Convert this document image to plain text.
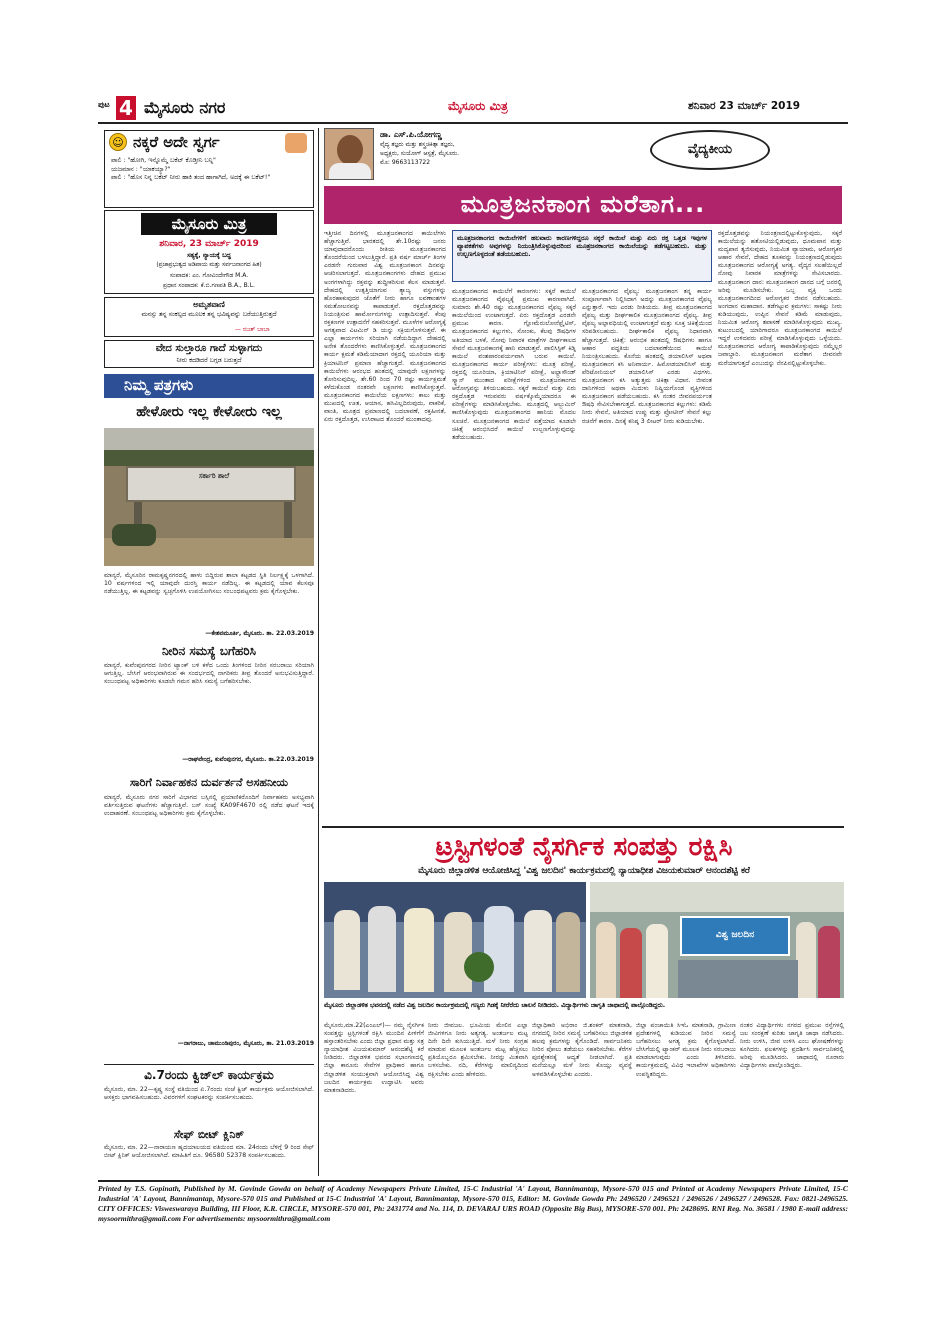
ಪುಟ 4 ಮೈಸೂರು ನಗರ	ಮೈಸೂರು ಮಿತ್ರ	ಶನಿವಾರ 23 ಮಾರ್ಚ್ 2019
☺ ನಕ್ಕರೆ ಅದೇ ಸ್ವರ್ಗ
ಪಾಲಿ : "ಹೋಗಿ, ಇನ್ನೊಮ್ಮೆ ಬಕೆಟ್ ಕೊಡ್ತೀನಿ ಬನ್ನಿ"
ಯಜಮಾನ : "ಯಾಕಯ್ಯಾ?"
ಪಾಲಿ : "ಹೊಸ ನಿನ್ನ ಬಕೆಟ್ ನೀರು ಹಾಕಿ ತಂದ ಹಾಗಾಗಿದೆ, ಅದಕ್ಕೆ ಈ ಬಕೆಟ್!"
ಮೈಸೂರು ಮಿತ್ರ
ಶನಿವಾರ, 23 ಮಾರ್ಚ್ 2019
ಸತ್ಯಕ್ಕೆ, ನ್ಯಾಯಕ್ಕೆ ಬದ್ಧ
(ಪ್ರಜಾಪ್ರಭುತ್ವದ ಅಡಿಪಾಯ ಮತ್ತು ಸರ್ವಜನಾಂಗದ ಹಿತ)
ಸಂಪಾದಕ: ಎಂ. ಗೋವಿಂದೇಗೌಡ M.A.
ಪ್ರಧಾನ ಸಂಪಾದಕ: ಕೆ.ಬಿ.ಗಣಪತಿ B.A., B.L.
ಅಮೃತವಾಣಿ
ಮನಸ್ಸು ತನ್ನ ಸಂಕಲ್ಪದ ಮೂಲಕ ತನ್ನ ಭವಿಷ್ಯವನ್ನು ಬರೆಯುತ್ತಿರುತ್ತದೆ
— ರಜತ್ ಬಾಬಾ
ವೇದ ಸುಲ್ತಾರೂ ಗಾದೆ ಸುಳ್ಳಾಗದು
ನೀರು ಕದಡಿದರೆ ಬಗ್ಗಡ ಬರುತ್ತದೆ
ನಿಮ್ಮ ಪತ್ರಗಳು
ಹೇಳೋರು ಇಲ್ಲ ಕೇಳೋರು ಇಲ್ಲ
ಸರ್ಕಾರಿ ಶಾಲೆ
ಮಾನ್ಯರೆ, ಮೈಸೂರಿನ ರಾಮಕೃಷ್ಣನಗರದಲ್ಲಿ ಹಾಳು ಬಿದ್ದಿರುವ ಶಾಲಾ ಕಟ್ಟಡದ ಸ್ಥಿತಿ ನಿರ್ಲಕ್ಷ್ಯಕ್ಕೆ ಒಳಗಾಗಿದೆ. 10 ವರ್ಷಗಳಿಂದ ಇಲ್ಲಿ ಯಾವುದೇ ದುರಸ್ತಿ ಕಾರ್ಯ ನಡೆದಿಲ್ಲ. ಈ ಕಟ್ಟಡದಲ್ಲಿ ಯಾವ ಕೆಲಸವೂ ನಡೆಯುತ್ತಿಲ್ಲ. ಈ ಕಟ್ಟಡವನ್ನು ಸ್ವಚ್ಛಗೊಳಿಸಿ ಉಪಯೋಗಿಸಲು ಸಂಬಂಧಪಟ್ಟವರು ಕ್ರಮ ಕೈಗೊಳ್ಳಬೇಕು.
—ಕೇಶವಮೂರ್ತಿ, ಮೈಸೂರು. ತಾ. 22.03.2019
ನೀರಿನ ಸಮಸ್ಯೆ ಬಗೆಹರಿಸಿ
ಮಾನ್ಯರೆ, ಕುವೆಂಪುನಗರದ ನೀರಿನ ಟ್ಯಾಂಕ್ ಬಳಿ ಕಳೆದ ಒಂದು ತಿಂಗಳಿಂದ ನೀರಿನ ಸರಬರಾಜು ಸರಿಯಾಗಿ ಆಗುತ್ತಿಲ್ಲ. ಬೇಸಿಗೆ ಆರಂಭವಾಗಿರುವ ಈ ಸಂದರ್ಭದಲ್ಲಿ ನಾಗರಿಕರು ತೀವ್ರ ತೊಂದರೆ ಅನುಭವಿಸುತ್ತಿದ್ದಾರೆ. ಸಂಬಂಧಪಟ್ಟ ಅಧಿಕಾರಿಗಳು ಕೂಡಲೇ ಗಮನ ಹರಿಸಿ ಸಮಸ್ಯೆ ಬಗೆಹರಿಸಬೇಕು.
—ರಾಘವೇಂದ್ರ, ಕುವೆಂಪುನಗರ, ಮೈಸೂರು. ತಾ.22.03.2019
ಸಾರಿಗೆ ನಿರ್ವಾಹಕನ ದುರ್ವರ್ತನೆ ಅಸಹನೀಯ
ಮಾನ್ಯರೆ, ಮೈಸೂರು ನಗರ ಸಾರಿಗೆ ವಿಭಾಗದ ಬಸ್ಸಿನಲ್ಲಿ ಪ್ರಯಾಣಿಕರೊಂದಿಗೆ ನಿರ್ವಾಹಕರು ಅಸಭ್ಯವಾಗಿ ವರ್ತಿಸುತ್ತಿರುವ ಘಟನೆಗಳು ಹೆಚ್ಚಾಗುತ್ತಿವೆ. ಬಸ್ ಸಂಖ್ಯೆ KA09F4670 ರಲ್ಲಿ ನಡೆದ ಘಟನೆ ಇದಕ್ಕೆ ಉದಾಹರಣೆ. ಸಂಬಂಧಪಟ್ಟ ಅಧಿಕಾರಿಗಳು ಕ್ರಮ ಕೈಗೊಳ್ಳಬೇಕು.
—ನಾಗರಾಜು, ಚಾಮುಂಡಿಪುರಂ, ಮೈಸೂರು, ತಾ. 21.03.2019
ವಿ.7ರಂದು ಕ್ವಿಜ್‌ಲ್ ಕಾರ್ಯಕ್ರಮ
ಮೈಸೂರು, ಮಾ. 22—ಕೃಷ್ಣ ಸಂಸ್ಥೆ ವತಿಯಿಂದ ಏ.7ರಂದು ಸಂಜೆ ಕ್ವಿಜ್ ಕಾರ್ಯಕ್ರಮ ಆಯೋಜಿಸಲಾಗಿದೆ. ಆಸಕ್ತರು ಭಾಗವಹಿಸಬಹುದು. ವಿವರಗಳಿಗೆ ಸಂಘಟಕರನ್ನು ಸಂಪರ್ಕಿಸಬಹುದು.
ಸೇಫ್ ಬೀಟ್ ಕ್ಲಿನಿಕ್
ಮೈಸೂರು, ಮಾ. 22—ನಾರಾಯಣ ಹೃದಯಾಲಯದ ವತಿಯಿಂದ ಮಾ. 24ರಂದು ಬೆಳಿಗ್ಗೆ 9 ರಿಂದ ಸೇಫ್ ಬೀಟ್ ಕ್ಲಿನಿಕ್ ಆಯೋಜಿಸಲಾಗಿದೆ. ಮಾಹಿತಿಗೆ ದೂ. 96580 52378 ಸಂಪರ್ಕಿಸಬಹುದು.
ಡಾ. ಎಸ್.ಪಿ.ಯೋಗಣ್ಣ
ವೈದ್ಯ ತಜ್ಞರು ಮತ್ತು ಶಸ್ತ್ರಚಿಕಿತ್ಸಾ ತಜ್ಞರು,
ಅಧ್ಯಕ್ಷರು, ಸುಯೋಗ್ ಆಸ್ಪತ್ರೆ, ಮೈಸೂರು.
ಮೊ: 9663113722
ವೈದ್ಯಕೀಯ
ಮೂತ್ರಜನಕಾಂಗ ಮರೆತಾಗ...
ಇತ್ತೀಚಿನ ದಿನಗಳಲ್ಲಿ ಮೂತ್ರಜನಕಾಂಗದ ಕಾಯಿಲೆಗಳು ಹೆಚ್ಚಾಗುತ್ತಿವೆ. ಭಾರತದಲ್ಲಿ ಶೇ.10ರಷ್ಟು ಜನರು ಯಾವುದಾದರೊಂದು ರೀತಿಯ ಮೂತ್ರಜನಕಾಂಗದ ತೊಂದರೆಯಿಂದ ಬಳಲುತ್ತಿದ್ದಾರೆ. ಪ್ರತಿ ವರ್ಷ ಮಾರ್ಚ್ ತಿಂಗಳ ಎರಡನೇ ಗುರುವಾರ ವಿಶ್ವ ಮೂತ್ರಜನಕಾಂಗ ದಿನವನ್ನು ಆಚರಿಸಲಾಗುತ್ತದೆ. ಮೂತ್ರಜನಕಾಂಗಗಳು ದೇಹದ ಪ್ರಮುಖ ಅಂಗಗಳಾಗಿದ್ದು ರಕ್ತವನ್ನು ಶುದ್ಧೀಕರಿಸುವ ಕೆಲಸ ಮಾಡುತ್ತವೆ. ದೇಹದಲ್ಲಿ ಉತ್ಪತ್ತಿಯಾಗುವ ತ್ಯಾಜ್ಯ ವಸ್ತುಗಳನ್ನು ಹೊರಹಾಕುವುದರ ಜೊತೆಗೆ ನೀರು ಹಾಗೂ ಲವಣಾಂಶಗಳ ಸಮತೋಲನವನ್ನು ಕಾಪಾಡುತ್ತವೆ. ರಕ್ತದೊತ್ತಡವನ್ನು ನಿಯಂತ್ರಿಸುವ ಹಾರ್ಮೋನುಗಳನ್ನು ಉತ್ಪಾದಿಸುತ್ತವೆ. ಕೆಂಪು ರಕ್ತಕಣಗಳ ಉತ್ಪಾದನೆಗೆ ಸಹಕರಿಸುತ್ತವೆ. ಮೂಳೆಗಳ ಆರೋಗ್ಯಕ್ಕೆ ಅಗತ್ಯವಾದ ವಿಟಮಿನ್ ಡಿ ಯನ್ನು ಸಕ್ರಿಯಗೊಳಿಸುತ್ತವೆ. ಈ ಎಲ್ಲಾ ಕಾರ್ಯಗಳು ಸರಿಯಾಗಿ ನಡೆಯದಿದ್ದಾಗ ದೇಹದಲ್ಲಿ ಅನೇಕ ತೊಂದರೆಗಳು ಕಾಣಿಸಿಕೊಳ್ಳುತ್ತವೆ. ಮೂತ್ರಜನಕಾಂಗದ ಕಾರ್ಯ ಕ್ಷಮತೆ ಕಡಿಮೆಯಾದಾಗ ರಕ್ತದಲ್ಲಿ ಯೂರಿಯಾ ಮತ್ತು ಕ್ರಿಯಾಟಿನಿನ್ ಪ್ರಮಾಣ ಹೆಚ್ಚಾಗುತ್ತದೆ. ಮೂತ್ರಜನಕಾಂಗದ ಕಾಯಿಲೆಗಳು ಆರಂಭದ ಹಂತದಲ್ಲಿ ಯಾವುದೇ ಲಕ್ಷಣಗಳನ್ನು ತೋರಿಸುವುದಿಲ್ಲ. ಶೇ.60 ರಿಂದ 70 ರಷ್ಟು ಕಾರ್ಯಕ್ಷಮತೆ ಕಳೆದುಕೊಂಡ ನಂತರವೇ ಲಕ್ಷಣಗಳು ಕಾಣಿಸಿಕೊಳ್ಳುತ್ತವೆ. ಮೂತ್ರಜನಕಾಂಗದ ಕಾಯಿಲೆಯ ಲಕ್ಷಣಗಳು: ಕಾಲು ಮತ್ತು ಮುಖದಲ್ಲಿ ಊತ, ಆಯಾಸ, ಹಸಿವಿಲ್ಲದಿರುವುದು, ವಾಕರಿಕೆ, ವಾಂತಿ, ಮೂತ್ರದ ಪ್ರಮಾಣದಲ್ಲಿ ಬದಲಾವಣೆ, ರಕ್ತಹೀನತೆ, ಏರು ರಕ್ತದೊತ್ತಡ, ಉಸಿರಾಟದ ತೊಂದರೆ ಮುಂತಾದವು.
ಮೂತ್ರಜನಕಾಂಗದ ಕಾಯಿಲೆಗಳಿಗೆ ಹಲವಾರು ಕಾರಣಗಳಿದ್ದರೂ ಸಕ್ಕರೆ ಕಾಯಿಲೆ ಮತ್ತು ಏರು ರಕ್ತ ಒತ್ತಡ ಇವುಗಳ ವ್ಯಾಪಕತೆಗಳು ಅವುಗಳನ್ನು ನಿಯಂತ್ರಿಸಿಕೊಳ್ಳುವುದರಿಂದ ಮೂತ್ರಜನಕಾಂಗದ ಕಾಯಿಲೆಯನ್ನು ತಡೆಗಟ್ಟಬಹುದು. ಮತ್ತು ಉಲ್ಬಣಗೊಳ್ಳದಂತೆ ತಡೆಯಬಹುದು.
ಮೂತ್ರಜನಕಾಂಗದ ಕಾಯಿಲೆಗೆ ಕಾರಣಗಳು: ಸಕ್ಕರೆ ಕಾಯಿಲೆ ಮೂತ್ರಜನಕಾಂಗದ ವೈಫಲ್ಯಕ್ಕೆ ಪ್ರಮುಖ ಕಾರಣವಾಗಿದೆ. ಸುಮಾರು ಶೇ.40 ರಷ್ಟು ಮೂತ್ರಜನಕಾಂಗದ ವೈಫಲ್ಯ ಸಕ್ಕರೆ ಕಾಯಿಲೆಯಿಂದ ಉಂಟಾಗುತ್ತದೆ. ಏರು ರಕ್ತದೊತ್ತಡ ಎರಡನೇ ಪ್ರಮುಖ ಕಾರಣ. ಗ್ಲೋಮೆರುಲೋನೆಫ್ರೈಟಿಸ್, ಮೂತ್ರಜನಕಾಂಗದ ಕಲ್ಲುಗಳು, ಸೋಂಕು, ಕೆಲವು ಔಷಧಿಗಳ ಅತಿಯಾದ ಬಳಕೆ, ನೋವು ನಿವಾರಕ ಮಾತ್ರೆಗಳ ದೀರ್ಘಕಾಲದ ಸೇವನೆ ಮೂತ್ರಜನಕಾಂಗಕ್ಕೆ ಹಾನಿ ಮಾಡುತ್ತವೆ. ಪಾಲಿಸಿಸ್ಟಿಕ್ ಕಿಡ್ನಿ ಕಾಯಿಲೆ ವಂಶಪಾರಂಪರ್ಯವಾಗಿ ಬರುವ ಕಾಯಿಲೆ. ಮೂತ್ರಜನಕಾಂಗದ ಕಾರ್ಯ ಪರೀಕ್ಷೆಗಳು: ಮೂತ್ರ ಪರೀಕ್ಷೆ, ರಕ್ತದಲ್ಲಿ ಯೂರಿಯಾ, ಕ್ರಿಯಾಟಿನಿನ್ ಪರೀಕ್ಷೆ, ಅಲ್ಟ್ರಾಸೌಂಡ್ ಸ್ಕ್ಯಾನ್ ಮುಂತಾದ ಪರೀಕ್ಷೆಗಳಿಂದ ಮೂತ್ರಜನಕಾಂಗದ ಆರೋಗ್ಯವನ್ನು ತಿಳಿಯಬಹುದು. ಸಕ್ಕರೆ ಕಾಯಿಲೆ ಮತ್ತು ಏರು ರಕ್ತದೊತ್ತಡ ಇರುವವರು ವರ್ಷಕ್ಕೊಮ್ಮೆಯಾದರೂ ಈ ಪರೀಕ್ಷೆಗಳನ್ನು ಮಾಡಿಸಿಕೊಳ್ಳಬೇಕು. ಮೂತ್ರದಲ್ಲಿ ಆಲ್ಬುಮಿನ್ ಕಾಣಿಸಿಕೊಳ್ಳುವುದು ಮೂತ್ರಜನಕಾಂಗದ ಹಾನಿಯ ಮೊದಲ ಸೂಚನೆ. ಮೂತ್ರಜನಕಾಂಗದ ಕಾಯಿಲೆ ಪತ್ತೆಯಾದ ಕೂಡಲೇ ಚಿಕಿತ್ಸೆ ಆರಂಭಿಸಿದರೆ ಕಾಯಿಲೆ ಉಲ್ಬಣಗೊಳ್ಳುವುದನ್ನು ತಡೆಯಬಹುದು.
ಮೂತ್ರಜನಕಾಂಗದ ವೈಫಲ್ಯ: ಮೂತ್ರಜನಕಾಂಗ ತನ್ನ ಕಾರ್ಯ ಸಂಪೂರ್ಣವಾಗಿ ನಿಲ್ಲಿಸಿದಾಗ ಅದನ್ನು ಮೂತ್ರಜನಕಾಂಗದ ವೈಫಲ್ಯ ಎನ್ನುತ್ತಾರೆ. ಇದು ಎರಡು ರೀತಿಯದು. ತೀವ್ರ ಮೂತ್ರಜನಕಾಂಗದ ವೈಫಲ್ಯ ಮತ್ತು ದೀರ್ಘಕಾಲಿಕ ಮೂತ್ರಜನಕಾಂಗದ ವೈಫಲ್ಯ. ತೀವ್ರ ವೈಫಲ್ಯ ಅಲ್ಪಾವಧಿಯಲ್ಲಿ ಉಂಟಾಗುತ್ತದೆ ಮತ್ತು ಸೂಕ್ತ ಚಿಕಿತ್ಸೆಯಿಂದ ಸರಿಪಡಿಸಬಹುದು. ದೀರ್ಘಕಾಲಿಕ ವೈಫಲ್ಯ ನಿಧಾನವಾಗಿ ಹೆಚ್ಚಾಗುತ್ತದೆ. ಚಿಕಿತ್ಸೆ: ಆರಂಭಿಕ ಹಂತದಲ್ಲಿ ಔಷಧಿಗಳು ಹಾಗೂ ಆಹಾರ ಪದ್ಧತಿಯ ಬದಲಾವಣೆಯಿಂದ ಕಾಯಿಲೆ ನಿಯಂತ್ರಿಸಬಹುದು. ಕೊನೆಯ ಹಂತದಲ್ಲಿ ಡಯಾಲಿಸಿಸ್ ಅಥವಾ ಮೂತ್ರಜನಕಾಂಗ ಕಸಿ ಅನಿವಾರ್ಯ. ಹಿಮೋಡಯಾಲಿಸಿಸ್ ಮತ್ತು ಪೆರಿಟೋನಿಯಲ್ ಡಯಾಲಿಸಿಸ್ ಎರಡು ವಿಧಗಳು. ಮೂತ್ರಜನಕಾಂಗ ಕಸಿ ಅತ್ಯುತ್ತಮ ಚಿಕಿತ್ಸಾ ವಿಧಾನ. ಜೀವಂತ ದಾನಿಗಳಿಂದ ಅಥವಾ ಮಿದುಳು ನಿಷ್ಕ್ರಿಯಗೊಂಡ ವ್ಯಕ್ತಿಗಳಿಂದ ಮೂತ್ರಜನಕಾಂಗ ಪಡೆಯಬಹುದು. ಕಸಿ ನಂತರ ಜೀವನಪರ್ಯಂತ ಔಷಧಿ ಸೇವಿಸಬೇಕಾಗುತ್ತದೆ. ಮೂತ್ರಜನಕಾಂಗದ ಕಲ್ಲುಗಳು: ಕಡಿಮೆ ನೀರು ಸೇವನೆ, ಅತಿಯಾದ ಉಪ್ಪು ಮತ್ತು ಪ್ರೋಟೀನ್ ಸೇವನೆ ಕಲ್ಲು ರಚನೆಗೆ ಕಾರಣ. ದಿನಕ್ಕೆ ಕನಿಷ್ಠ 3 ಲೀಟರ್ ನೀರು ಕುಡಿಯಬೇಕು.
ರಕ್ತದೊತ್ತಡವನ್ನು ನಿಯಂತ್ರಣದಲ್ಲಿಟ್ಟುಕೊಳ್ಳುವುದು, ಸಕ್ಕರೆ ಕಾಯಿಲೆಯನ್ನು ಹತೋಟಿಯಲ್ಲಿಡುವುದು, ಧೂಮಪಾನ ಮತ್ತು ಮದ್ಯಪಾನ ತ್ಯಜಿಸುವುದು, ನಿಯಮಿತ ವ್ಯಾಯಾಮ, ಆರೋಗ್ಯಕರ ಆಹಾರ ಸೇವನೆ, ದೇಹದ ತೂಕವನ್ನು ನಿಯಂತ್ರಣದಲ್ಲಿಡುವುದು ಮೂತ್ರಜನಕಾಂಗದ ಆರೋಗ್ಯಕ್ಕೆ ಅಗತ್ಯ. ವೈದ್ಯರ ಸಲಹೆಯಿಲ್ಲದೆ ನೋವು ನಿವಾರಕ ಮಾತ್ರೆಗಳನ್ನು ಸೇವಿಸಬಾರದು. ಮೂತ್ರಜನಕಾಂಗ ದಾನ: ಮೂತ್ರಜನಕಾಂಗ ದಾನದ ಬಗ್ಗೆ ಜನರಲ್ಲಿ ಅರಿವು ಮೂಡಿಸಬೇಕು. ಒಬ್ಬ ವ್ಯಕ್ತಿ ಒಂದು ಮೂತ್ರಜನಕಾಂಗದಿಂದ ಆರೋಗ್ಯಕರ ಜೀವನ ನಡೆಸಬಹುದು. ಅಂಗದಾನ ಮಹಾದಾನ. ತಡೆಗಟ್ಟುವ ಕ್ರಮಗಳು: ಸಾಕಷ್ಟು ನೀರು ಕುಡಿಯುವುದು, ಉಪ್ಪಿನ ಸೇವನೆ ಕಡಿಮೆ ಮಾಡುವುದು, ನಿಯಮಿತ ಆರೋಗ್ಯ ತಪಾಸಣೆ ಮಾಡಿಸಿಕೊಳ್ಳುವುದು ಮುಖ್ಯ. ಕುಟುಂಬದಲ್ಲಿ ಯಾರಿಗಾದರೂ ಮೂತ್ರಜನಕಾಂಗದ ಕಾಯಿಲೆ ಇದ್ದರೆ ಉಳಿದವರು ಪರೀಕ್ಷೆ ಮಾಡಿಸಿಕೊಳ್ಳುವುದು ಒಳ್ಳೆಯದು. ಮೂತ್ರಜನಕಾಂಗದ ಆರೋಗ್ಯ ಕಾಪಾಡಿಕೊಳ್ಳುವುದು ನಮ್ಮೆಲ್ಲರ ಜವಾಬ್ದಾರಿ. ಮೂತ್ರಜನಕಾಂಗ ಮರೆತಾಗ ಜೀವನವೇ ಮರೆಯಾಗುತ್ತದೆ ಎಂಬುದನ್ನು ನೆನಪಿನಲ್ಲಿಟ್ಟುಕೊಳ್ಳಬೇಕು.
ಟ್ರಸ್ಟಿಗಳಂತೆ ನೈಸರ್ಗಿಕ ಸಂಪತ್ತು ರಕ್ಷಿಸಿ
ಮೈಸೂರು ಜಿಲ್ಲಾಡಳಿತ ಆಯೋಜಿಸಿದ್ದ 'ವಿಶ್ವ ಜಲದಿನ' ಕಾರ್ಯಕ್ರಮದಲ್ಲಿ ನ್ಯಾಯಾಧೀಶ ವಿಜಯಕುಮಾರ್ ಆನಂದಶೆಟ್ಟಿ ಕರೆ
ವಿಶ್ವ ಜಲದಿನ
ಮೈಸೂರು ಜಿಲ್ಲಾಡಳಿತ ಭವನದಲ್ಲಿ ನಡೆದ ವಿಶ್ವ ಜಲದಿನ ಕಾರ್ಯಕ್ರಮದಲ್ಲಿ ಗಣ್ಯರು ಗಿಡಕ್ಕೆ ನೀರೆರೆದು ಚಾಲನೆ ನೀಡಿದರು. ವಿದ್ಯಾರ್ಥಿಗಳು ಜಾಗೃತಿ ಜಾಥಾದಲ್ಲಿ ಪಾಲ್ಗೊಂಡಿದ್ದರು.
ಮೈಸೂರು,ಮಾ.22(ಎಂಎಲ್)— ನಮ್ಮ ನೈಸರ್ಗಿಕ ಸಂಪತ್ತನ್ನು ಟ್ರಸ್ಟಿಗಳಂತೆ ರಕ್ಷಿಸಿ ಮುಂದಿನ ಪೀಳಿಗೆಗೆ ಹಸ್ತಾಂತರಿಸಬೇಕು ಎಂದು ಜಿಲ್ಲಾ ಪ್ರಧಾನ ಮತ್ತು ಸತ್ರ ನ್ಯಾಯಾಧೀಶ ವಿಜಯಕುಮಾರ್ ಆನಂದಶೆಟ್ಟಿ ಕರೆ ನೀಡಿದರು. ಜಿಲ್ಲಾಡಳಿತ ಭವನದ ಸಭಾಂಗಣದಲ್ಲಿ ಜಿಲ್ಲಾ ಕಾನೂನು ಸೇವೆಗಳ ಪ್ರಾಧಿಕಾರ ಹಾಗೂ ಜಿಲ್ಲಾಡಳಿತ ಸಂಯುಕ್ತವಾಗಿ ಆಯೋಜಿಸಿದ್ದ ವಿಶ್ವ ಜಲದಿನ ಕಾರ್ಯಕ್ರಮ ಉದ್ಘಾಟಿಸಿ ಅವರು ಮಾತನಾಡಿದರು.
ನೀರು ಜೀವಜಲ. ಭೂಮಿಯ ಮೇಲಿನ ಎಲ್ಲಾ ಜೀವಿಗಳಿಗೂ ನೀರು ಅತ್ಯಗತ್ಯ. ಅಂತರ್ಜಲ ಮಟ್ಟ ದಿನೇ ದಿನೇ ಕುಸಿಯುತ್ತಿದೆ. ಮಳೆ ನೀರು ಸಂಗ್ರಹ ಮಾಡುವ ಮೂಲಕ ಅಂತರ್ಜಲ ಮಟ್ಟ ಹೆಚ್ಚಿಸಲು ಪ್ರತಿಯೊಬ್ಬರೂ ಶ್ರಮಿಸಬೇಕು. ನೀರನ್ನು ಮಿತವಾಗಿ ಬಳಸಬೇಕು. ನದಿ, ಕೆರೆಗಳನ್ನು ಮಾಲಿನ್ಯದಿಂದ ರಕ್ಷಿಸಬೇಕು ಎಂದು ಹೇಳಿದರು.
ಜಿಲ್ಲಾಧಿಕಾರಿ ಅಭಿರಾಂ ಜಿ.ಶಂಕರ್ ಮಾತನಾಡಿ, ನಗರದಲ್ಲಿ ನೀರಿನ ಸಮಸ್ಯೆ ಬಗೆಹರಿಸಲು ಜಿಲ್ಲಾಡಳಿತ ಹಲವು ಕ್ರಮಗಳನ್ನು ಕೈಗೊಂಡಿದೆ. ಸಾರ್ವಜನಿಕರು ನೀರಿನ ಪೋಲು ತಡೆಯಲು ಸಹಕರಿಸಬೇಕು. ಕೆರೆಗಳ ಪುನಶ್ಚೇತನಕ್ಕೆ ಆದ್ಯತೆ ನೀಡಲಾಗಿದೆ. ಪ್ರತಿ ಮನೆಯಲ್ಲೂ ಮಳೆ ನೀರು ಕೊಯ್ಲು ವ್ಯವಸ್ಥೆ ಅಳವಡಿಸಿಕೊಳ್ಳಬೇಕು ಎಂದರು.
ಜಿಲ್ಲಾ ಪಂಚಾಯಿತಿ ಸಿಇಓ ಮಾತನಾಡಿ, ಗ್ರಾಮೀಣ ಪ್ರದೇಶಗಳಲ್ಲಿ ಕುಡಿಯುವ ನೀರಿನ ಸಮಸ್ಯೆ ಬಗೆಹರಿಸಲು ಅಗತ್ಯ ಕ್ರಮ ಕೈಗೊಳ್ಳಲಾಗಿದೆ. ಬೇಸಿಗೆಯಲ್ಲಿ ಟ್ಯಾಂಕರ್ ಮೂಲಕ ನೀರು ಸರಬರಾಜು ಮಾಡಲಾಗುವುದು ಎಂದು ತಿಳಿಸಿದರು. ಕಾರ್ಯಕ್ರಮದಲ್ಲಿ ವಿವಿಧ ಇಲಾಖೆಗಳ ಅಧಿಕಾರಿಗಳು ಉಪಸ್ಥಿತರಿದ್ದರು.
ನಂತರ ವಿದ್ಯಾರ್ಥಿಗಳು ನಗರದ ಪ್ರಮುಖ ರಸ್ತೆಗಳಲ್ಲಿ ಜಲ ಸಂರಕ್ಷಣೆ ಕುರಿತು ಜಾಗೃತಿ ಜಾಥಾ ನಡೆಸಿದರು. ನೀರು ಉಳಿಸಿ, ಜೀವ ಉಳಿಸಿ ಎಂಬ ಘೋಷಣೆಗಳನ್ನು ಕೂಗಿದರು. ಫಲಕಗಳನ್ನು ಪ್ರದರ್ಶಿಸಿ ಸಾರ್ವಜನಿಕರಲ್ಲಿ ಅರಿವು ಮೂಡಿಸಿದರು. ಜಾಥಾದಲ್ಲಿ ನೂರಾರು ವಿದ್ಯಾರ್ಥಿಗಳು ಪಾಲ್ಗೊಂಡಿದ್ದರು.
Printed by T.S. Gopinath, Published by M. Govinde Gowda on behalf of Academy Newspapers Private Limited, 15-C Industrial 'A' Layout, Bannimantap, Mysore-570 015 and Printed at Academy Newspapers Private Limited, 15-C Industrial 'A' Layout, Bannimantap, Mysore-570 015 and Published at 15-C Industrial 'A' Layout, Bannimantap, Mysore-570 015, Editor: M. Govinde Gowda Ph: 2496520 / 2496521 / 2496526 / 2496527 / 2496528. Fax: 0821-2496525. CITY OFFICES: Visweswaraya Building, III Floor, K.R. CIRCLE, MYSORE-570 001, Ph: 2431774 and No. 114, D. DEVARAJ URS ROAD (Opposite Big Bus), MYSORE-570 001. Ph: 2428695. RNI Reg. No. 36581 / 1980 E-mail address: mysoormithra@gmail.com For advertisements: mysoormithra@gmail.com
